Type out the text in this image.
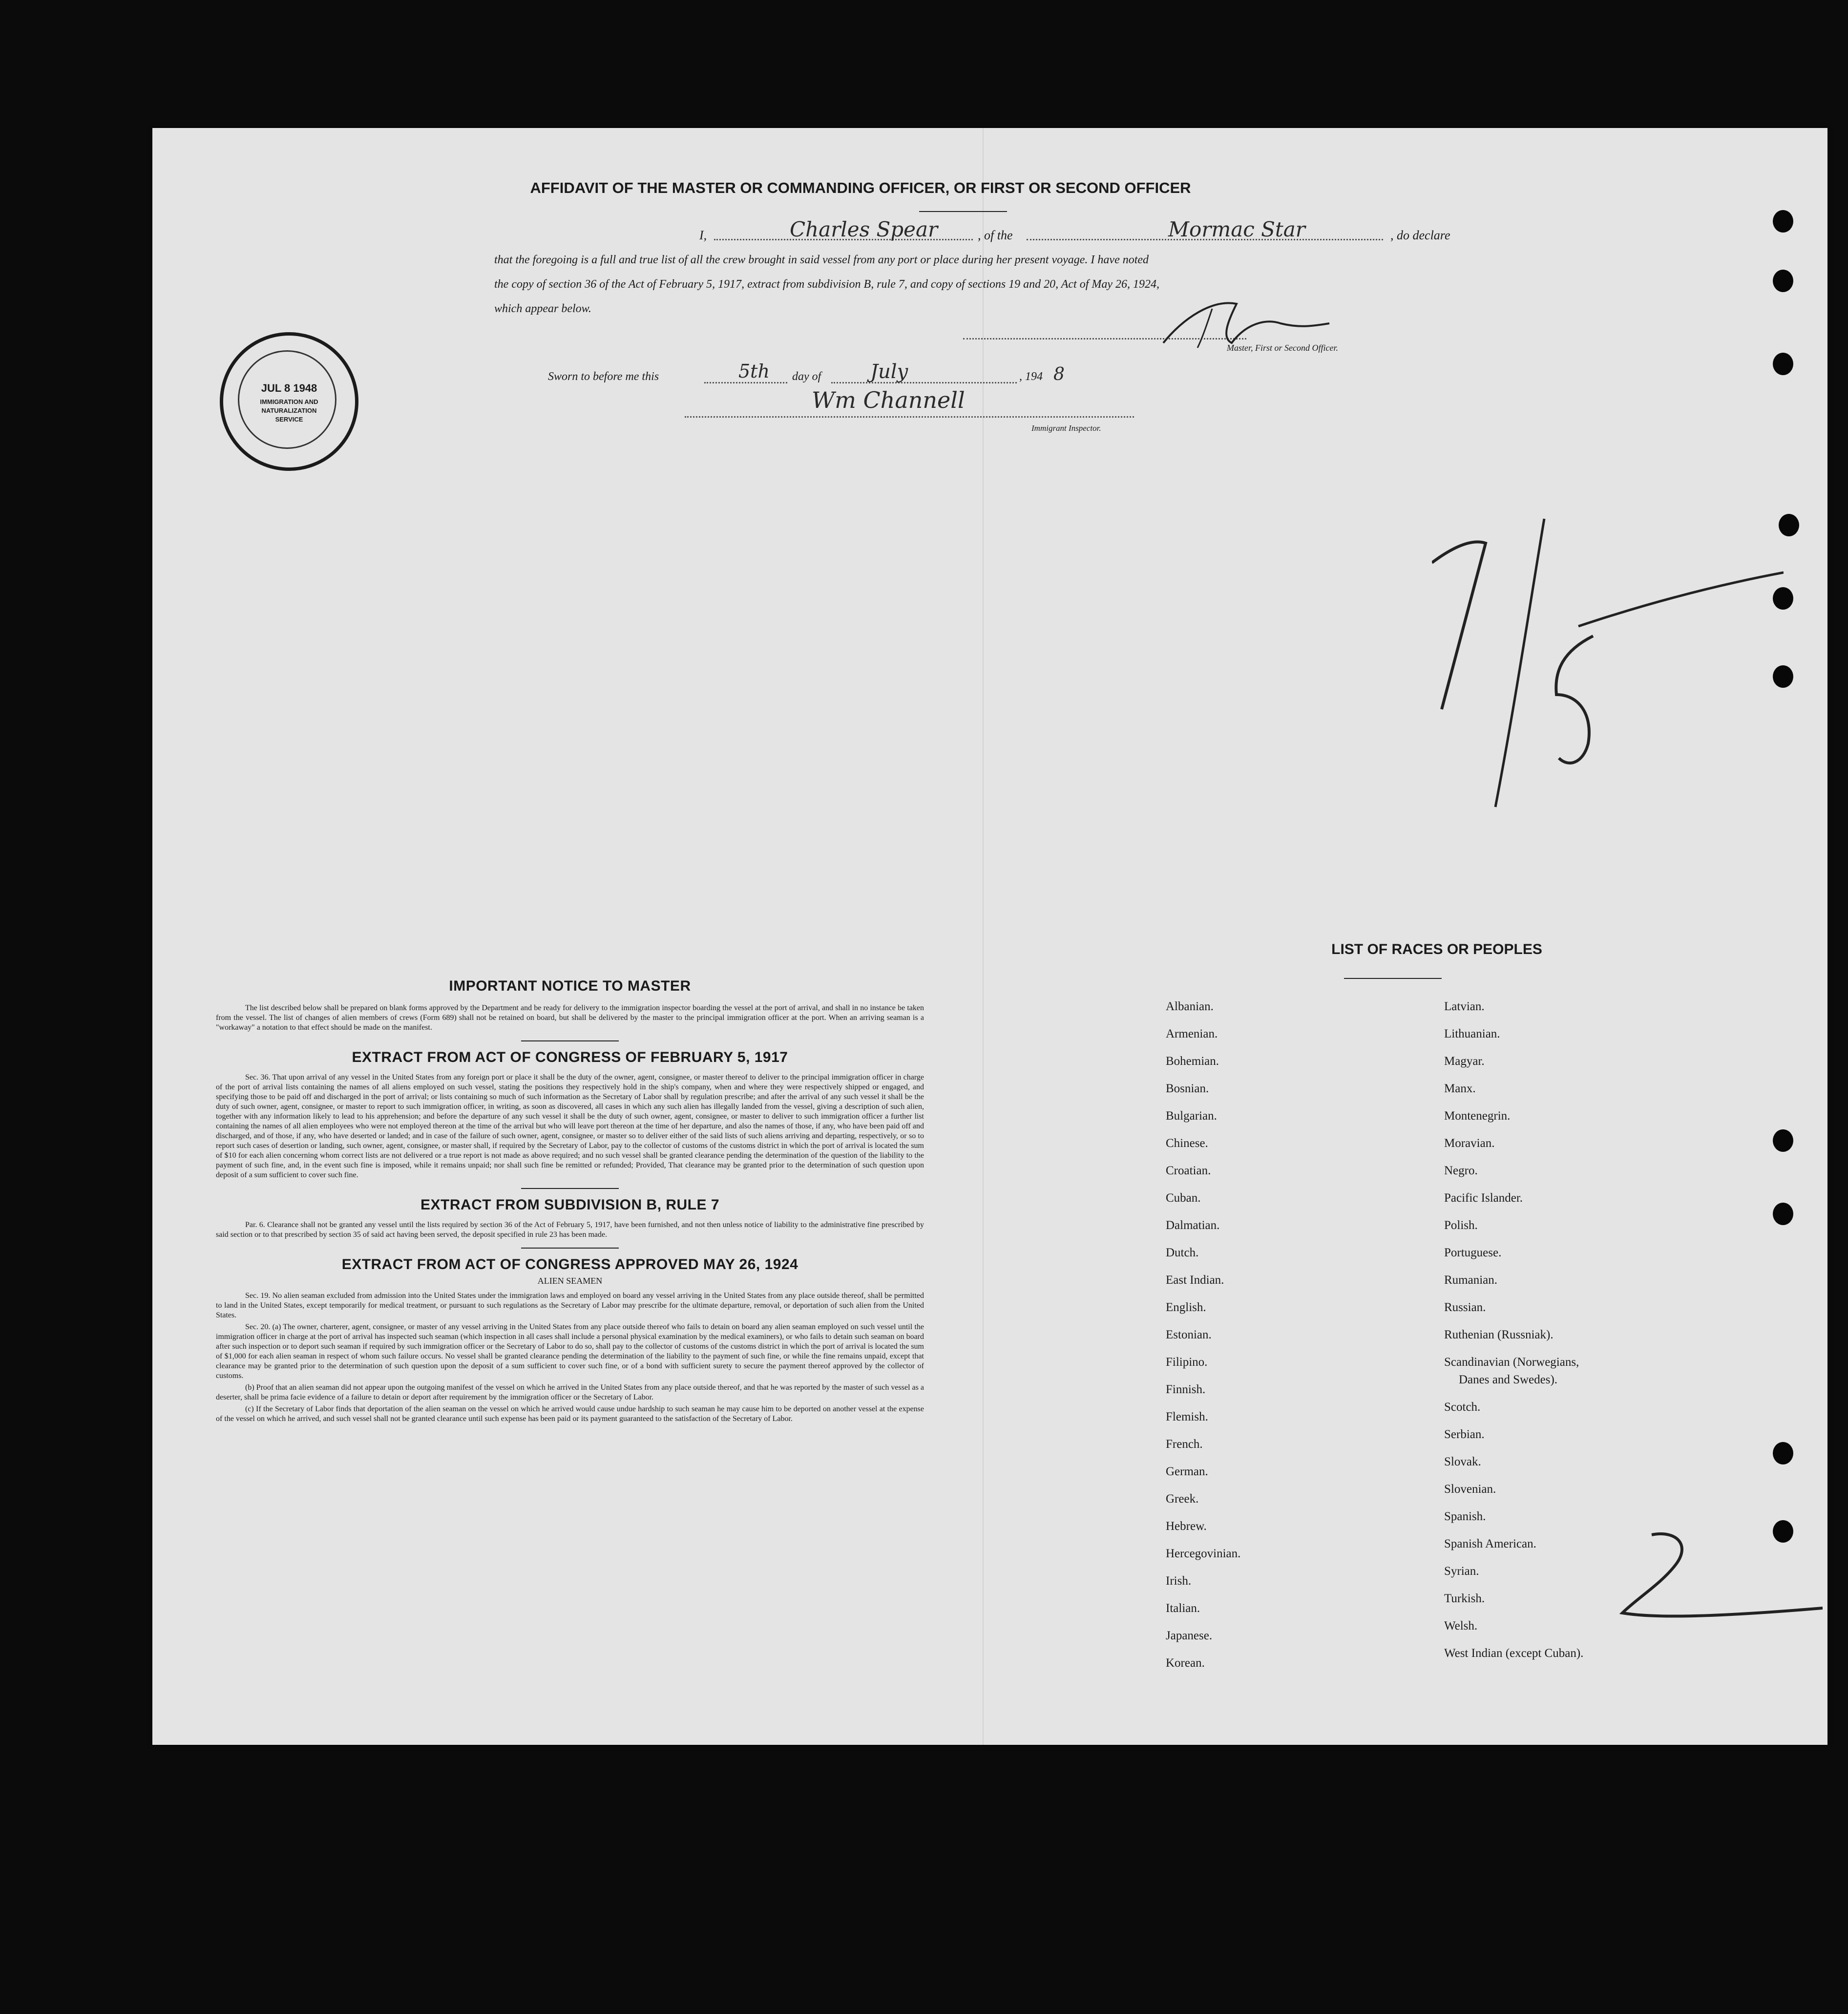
AFFIDAVIT OF THE MASTER OR COMMANDING OFFICER, OR FIRST OR SECOND OFFICER
I,	Charles Spear	, of the	Mormac Star	, do declare
that the foregoing is a full and true list of all the crew brought in said vessel from any port or place during her present voyage. I have noted
the copy of section 36 of the Act of February 5, 1917, extract from subdivision B, rule 7, and copy of sections 19 and 20, Act of May 26, 1924,
which appear below.
Master, First or Second Officer.
Sworn to before me this	5th day of	July	, 194 8
Wm Channell
Immigrant Inspector.
JUL 8 1948
IMMIGRATION AND
NATURALIZATION
SERVICE
IMPORTANT NOTICE TO MASTER
The list described below shall be prepared on blank forms approved by the Department and be ready for delivery to the immigration inspector boarding the vessel at the port of arrival, and shall in no instance be taken from the vessel. The list of changes of alien members of crews (Form 689) shall not be retained on board, but shall be delivered by the master to the principal immigration officer at the port. When an arriving seaman is a "workaway" a notation to that effect should be made on the manifest.
EXTRACT FROM ACT OF CONGRESS OF FEBRUARY 5, 1917
Sec. 36. That upon arrival of any vessel in the United States from any foreign port or place it shall be the duty of the owner, agent, consignee, or master thereof to deliver to the principal immigration officer in charge of the port of arrival lists containing the names of all aliens employed on such vessel, stating the positions they respectively hold in the ship's company, when and where they were respectively shipped or engaged, and specifying those to be paid off and discharged in the port of arrival; or lists containing so much of such information as the Secretary of Labor shall by regulation prescribe; and after the arrival of any such vessel it shall be the duty of such owner, agent, consignee, or master to report to such immigration officer, in writing, as soon as discovered, all cases in which any such alien has illegally landed from the vessel, giving a description of such alien, together with any information likely to lead to his apprehension; and before the departure of any such vessel it shall be the duty of such owner, agent, consignee, or master to deliver to such immigration officer a further list containing the names of all alien employees who were not employed thereon at the time of the arrival but who will leave port thereon at the time of her departure, and also the names of those, if any, who have been paid off and discharged, and of those, if any, who have deserted or landed; and in case of the failure of such owner, agent, consignee, or master so to deliver either of the said lists of such aliens arriving and departing, respectively, or so to report such cases of desertion or landing, such owner, agent, consignee, or master shall, if required by the Secretary of Labor, pay to the collector of customs of the customs district in which the port of arrival is located the sum of $10 for each alien concerning whom correct lists are not delivered or a true report is not made as above required; and no such vessel shall be granted clearance pending the determination of the question of the liability to the payment of such fine, and, in the event such fine is imposed, while it remains unpaid; nor shall such fine be remitted or refunded; Provided, That clearance may be granted prior to the determination of such question upon deposit of a sum sufficient to cover such fine.
EXTRACT FROM SUBDIVISION B, RULE 7
Par. 6. Clearance shall not be granted any vessel until the lists required by section 36 of the Act of February 5, 1917, have been furnished, and not then unless notice of liability to the administrative fine prescribed by said section or to that prescribed by section 35 of said act having been served, the deposit specified in rule 23 has been made.
EXTRACT FROM ACT OF CONGRESS APPROVED MAY 26, 1924
ALIEN SEAMEN
Sec. 19. No alien seaman excluded from admission into the United States under the immigration laws and employed on board any vessel arriving in the United States from any place outside thereof, shall be permitted to land in the United States, except temporarily for medical treatment, or pursuant to such regulations as the Secretary of Labor may prescribe for the ultimate departure, removal, or deportation of such alien from the United States.
Sec. 20. (a) The owner, charterer, agent, consignee, or master of any vessel arriving in the United States from any place outside thereof who fails to detain on board any alien seaman employed on such vessel until the immigration officer in charge at the port of arrival has inspected such seaman (which inspection in all cases shall include a personal physical examination by the medical examiners), or who fails to detain such seaman on board after such inspection or to deport such seaman if required by such immigration officer or the Secretary of Labor to do so, shall pay to the collector of customs of the customs district in which the port of arrival is located the sum of $1,000 for each alien seaman in respect of whom such failure occurs. No vessel shall be granted clearance pending the determination of the liability to the payment of such fine, or while the fine remains unpaid, except that clearance may be granted prior to the determination of such question upon the deposit of a sum sufficient to cover such fine, or of a bond with sufficient surety to secure the payment thereof approved by the collector of customs.
(b) Proof that an alien seaman did not appear upon the outgoing manifest of the vessel on which he arrived in the United States from any place outside thereof, and that he was reported by the master of such vessel as a deserter, shall be prima facie evidence of a failure to detain or deport after requirement by the immigration officer or the Secretary of Labor.
(c) If the Secretary of Labor finds that deportation of the alien seaman on the vessel on which he arrived would cause undue hardship to such seaman he may cause him to be deported on another vessel at the expense of the vessel on which he arrived, and such vessel shall not be granted clearance until such expense has been paid or its payment guaranteed to the satisfaction of the Secretary of Labor.
LIST OF RACES OR PEOPLES
Albanian.
Armenian.
Bohemian.
Bosnian.
Bulgarian.
Chinese.
Croatian.
Cuban.
Dalmatian.
Dutch.
East Indian.
English.
Estonian.
Filipino.
Finnish.
Flemish.
French.
German.
Greek.
Hebrew.
Hercegovinian.
Irish.
Italian.
Japanese.
Korean.
Latvian.
Lithuanian.
Magyar.
Manx.
Montenegrin.
Moravian.
Negro.
Pacific Islander.
Polish.
Portuguese.
Rumanian.
Russian.
Ruthenian (Russniak).
Scandinavian (Norwegians,
Danes and Swedes).
Scotch.
Serbian.
Slovak.
Slovenian.
Spanish.
Spanish American.
Syrian.
Turkish.
Welsh.
West Indian (except Cuban).
